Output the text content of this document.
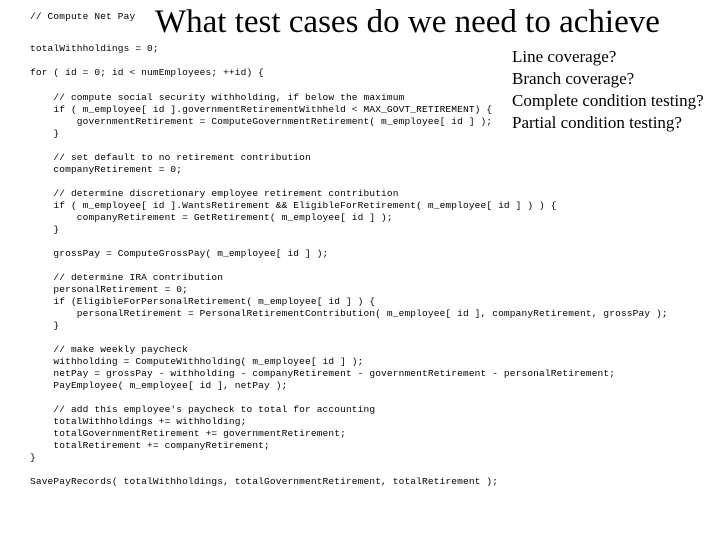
What test cases do we need to achieve
// Compute Net Pay
totalWithholdings = 0;
for ( id = 0; id < numEmployees; ++id) {
// compute social security withholding, if below the maximum
if ( m_employee[ id ].governmentRetirementWithheld < MAX_GOVT_RETIREMENT) {
governmentRetirement = ComputeGovernmentRetirement( m_employee[ id ] );
}
// set default to no retirement contribution
companyRetirement = 0;
// determine discretionary employee retirement contribution
if ( m_employee[ id ].WantsRetirement && EligibleForRetirement( m_employee[ id ] ) ) {
companyRetirement = GetRetirement( m_employee[ id ] );
}
grossPay = ComputeGrossPay( m_employee[ id ] );
// determine IRA contribution
personalRetirement = 0;
if (EligibleForPersonalRetirement( m_employee[ id ] ) {
personalRetirement = PersonalRetirementContribution( m_employee[ id ], companyRetirement, grossPay );
}
// make weekly paycheck
withholding = ComputeWithholding( m_employee[ id ] );
netPay = grossPay - withholding - companyRetirement - governmentRetirement - personalRetirement;
PayEmployee( m_employee[ id ], netPay );
// add this employee's paycheck to total for accounting
totalWithholdings += withholding;
totalGovernmentRetirement += governmentRetirement;
totalRetirement += companyRetirement;
}
SavePayRecords( totalWithholdings, totalGovernmentRetirement, totalRetirement );
Line coverage?
Branch coverage?
Complete condition testing?
Partial condition testing?
